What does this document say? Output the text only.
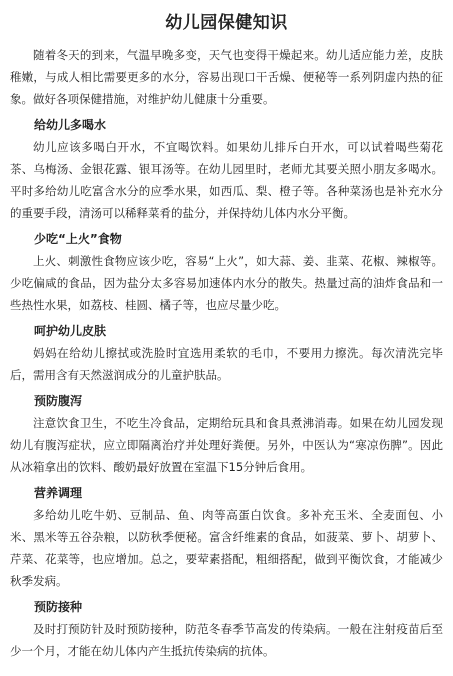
幼儿园保健知识

随着冬天的到来，气温早晚多变，天气也变得干燥起来。幼儿适应能力差，皮肤稚嫩，与成人相比需要更多的水分，容易出现口干舌燥、便秘等一系列阴虚内热的征象。做好各项保健措施，对维护幼儿健康十分重要。

给幼儿多喝水

幼儿应该多喝白开水，不宜喝饮料。如果幼儿排斥白开水，可以试着喝些菊花茶、乌梅汤、金银花露、银耳汤等。在幼儿园里时，老师尤其要关照小朋友多喝水。平时多给幼儿吃富含水分的应季水果，如西瓜、梨、橙子等。各种菜汤也是补充水分的重要手段，清汤可以稀释菜肴的盐分，并保持幼儿体内水分平衡。

少吃“上火”食物

上火、刺激性食物应该少吃，容易“上火”，如大蒜、姜、韭菜、花椒、辣椒等。少吃偏咸的食品，因为盐分太多容易加速体内水分的散失。热量过高的油炸食品和一些热性水果，如荔枝、桂圆、橘子等，也应尽量少吃。

呵护幼儿皮肤

妈妈在给幼儿擦拭或洗脸时宜选用柔软的毛巾，不要用力擦洗。每次清洗完毕后，需用含有天然滋润成分的儿童护肤品。

预防腹泻

注意饮食卫生，不吃生冷食品，定期给玩具和食具煮沸消毒。如果在幼儿园发现幼儿有腹泻症状，应立即隔离治疗并处理好粪便。另外，中医认为“寒凉伤脾”。因此从冰箱拿出的饮料、酸奶最好放置在室温下15分钟后食用。

营养调理

多给幼儿吃牛奶、豆制品、鱼、肉等高蛋白饮食。多补充玉米、全麦面包、小米、黑米等五谷杂粮，以防秋季便秘。富含纤维素的食品，如菠菜、萝卜、胡萝卜、芹菜、花菜等，也应增加。总之，要荤素搭配，粗细搭配，做到平衡饮食，才能减少秋季发病。

预防接种

及时打预防针及时预防接种，防范冬春季节高发的传染病。一般在注射疫苗后至少一个月，才能在幼儿体内产生抵抗传染病的抗体。
